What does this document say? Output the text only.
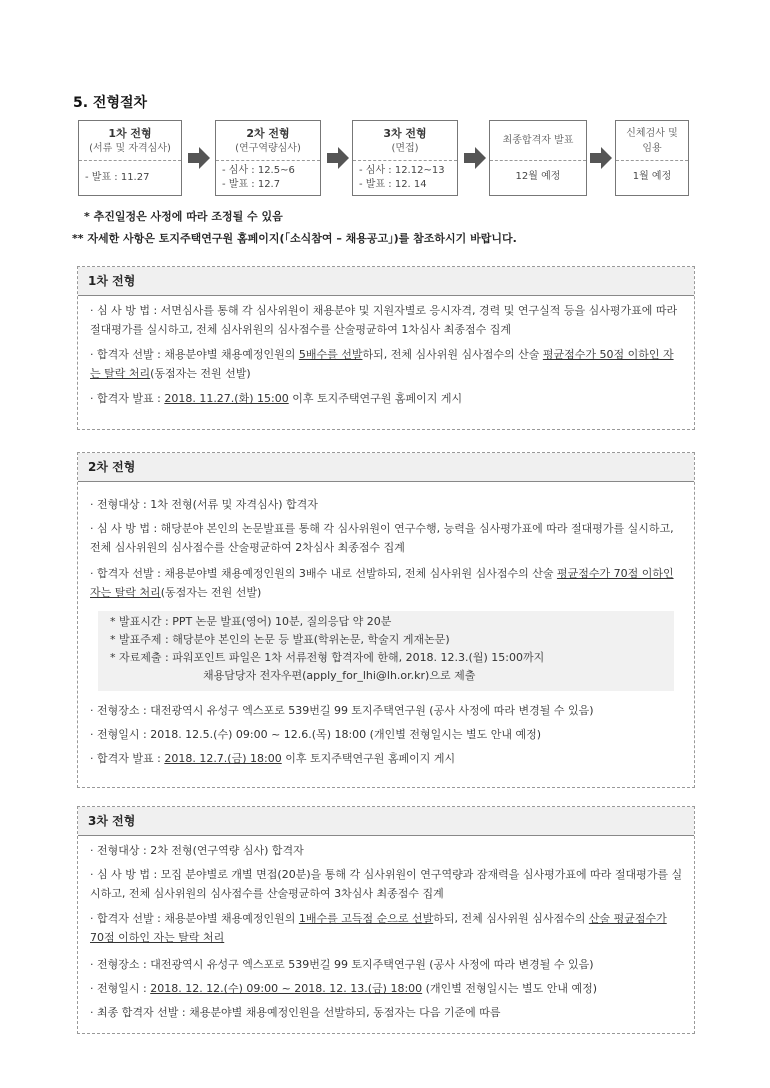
5. 전형절차
1차 전형
(서류 및 자격심사)
- 발표 : 11.27
2차 전형
(연구역량심사)
- 심사 : 12.5~6
- 발표 : 12.7
3차 전형
(면접)
- 심사 : 12.12~13
- 발표 : 12. 14
최종합격자 발표
12월 예정
신체검사 및
임용
1월 예정
* 추진일정은 사정에 따라 조정될 수 있음
** 자세한 사항은 토지주택연구원 홈페이지(「소식참여 – 채용공고」)를 참조하시기 바랍니다.
1차 전형
· 심 사 방 법 : 서면심사를 통해 각 심사위원이 채용분야 및 지원자별로 응시자격, 경력 및 연구실적 등을 심사평가표에 따라 절대평가를 실시하고, 전체 심사위원의 심사점수를 산술평균하여 1차심사 최종점수 집계
· 합격자 선발 : 채용분야별 채용예정인원의 5배수를 선발하되, 전체 심사위원 심사점수의 산술 평균점수가 50점 이하인 자는 탈락 처리(동점자는 전원 선발)
· 합격자 발표 : 2018. 11.27.(화) 15:00 이후 토지주택연구원 홈페이지 게시
2차 전형
· 전형대상 : 1차 전형(서류 및 자격심사) 합격자
· 심 사 방 법 : 해당분야 본인의 논문발표를 통해 각 심사위원이 연구수행, 능력을 심사평가표에 따라 절대평가를 실시하고, 전체 심사위원의 심사점수를 산술평균하여 2차심사 최종점수 집계
· 합격자 선발 : 채용분야별 채용예정인원의 3배수 내로 선발하되, 전체 심사위원 심사점수의 산술 평균점수가 70점 이하인 자는 탈락 처리(동점자는 전원 선발)
* 발표시간 : PPT 논문 발표(영어) 10분, 질의응답 약 20분
* 발표주제 : 해당분야 본인의 논문 등 발표(학위논문, 학술지 게재논문)
* 자료제출 : 파워포인트 파일은 1차 서류전형 합격자에 한해, 2018. 12.3.(월) 15:00까지
채용담당자 전자우편(apply_for_lhi@lh.or.kr)으로 제출
· 전형장소 : 대전광역시 유성구 엑스포로 539번길 99 토지주택연구원 (공사 사정에 따라 변경될 수 있음)
· 전형일시 : 2018. 12.5.(수) 09:00 ~ 12.6.(목) 18:00 (개인별 전형일시는 별도 안내 예정)
· 합격자 발표 : 2018. 12.7.(금) 18:00 이후 토지주택연구원 홈페이지 게시
3차 전형
· 전형대상 : 2차 전형(연구역량 심사) 합격자
· 심 사 방 법 : 모집 분야별로 개별 면접(20분)을 통해 각 심사위원이 연구역량과 잠재력을 심사평가표에 따라 절대평가를 실시하고, 전체 심사위원의 심사점수를 산술평균하여 3차심사 최종점수 집계
· 합격자 선발 : 채용분야별 채용예정인원의 1배수를 고득점 순으로 선발하되, 전체 심사위원 심사점수의 산술 평균점수가 70점 이하인 자는 탈락 처리
· 전형장소 : 대전광역시 유성구 엑스포로 539번길 99 토지주택연구원 (공사 사정에 따라 변경될 수 있음)
· 전형일시 : 2018. 12. 12.(수) 09:00 ~ 2018. 12. 13.(금) 18:00 (개인별 전형일시는 별도 안내 예정)
· 최종 합격자 선발 : 채용분야별 채용예정인원을 선발하되, 동점자는 다음 기준에 따름
